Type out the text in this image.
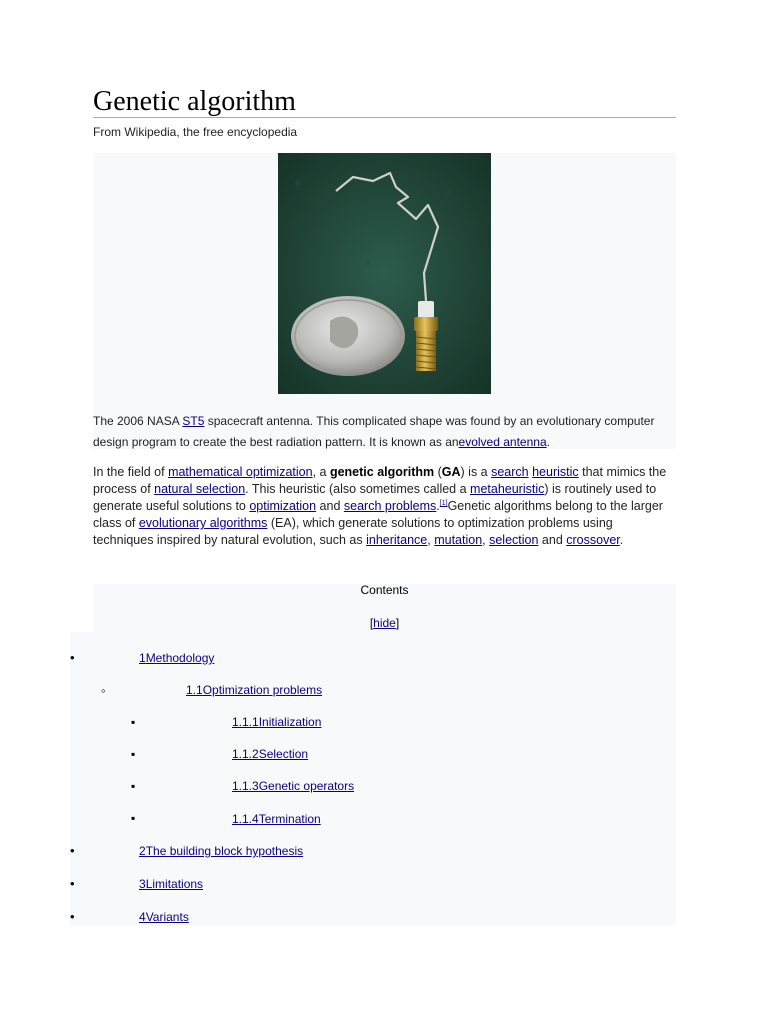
Genetic algorithm
From Wikipedia, the free encyclopedia
The 2006 NASA ST5 spacecraft antenna. This complicated shape was found by an evolutionary computer design program to create the best radiation pattern. It is known as anevolved antenna.
In the field of mathematical optimization, a genetic algorithm (GA) is a search heuristic that mimics the process of natural selection. This heuristic (also sometimes called a metaheuristic) is routinely used to generate useful solutions to optimization and search problems.[1]Genetic algorithms belong to the larger class of evolutionary algorithms (EA), which generate solutions to optimization problems using techniques inspired by natural evolution, such as inheritance, mutation, selection and crossover.
Contents
[hide]
•
1Methodology
◦
1.1Optimization problems
▪
1.1.1Initialization
▪
1.1.2Selection
▪
1.1.3Genetic operators
▪
1.1.4Termination
•
2The building block hypothesis
•
3Limitations
•
4Variants
